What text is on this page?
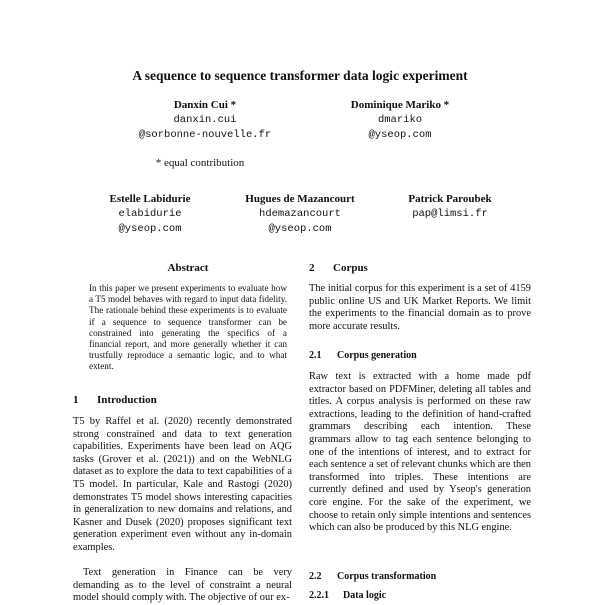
A sequence to sequence transformer data logic experiment
Danxin Cui *
danxin.cui
@sorbonne-nouvelle.fr
Dominique Mariko *
dmariko
@yseop.com
* equal contribution
Estelle Labidurie
elabidurie
@yseop.com
Hugues de Mazancourt
hdemazancourt
@yseop.com
Patrick Paroubek
pap@limsi.fr
Abstract
In this paper we present experiments to evaluate how a T5 model behaves with regard to input data fidelity. The rationale behind these experiments is to evaluate if a sequence to sequence transformer can be constrained into generating the specifics of a financial report, and more generally whether it can trustfully reproduce a semantic logic, and to what extent.
1 Introduction
T5 by Raffel et al. (2020) recently demonstrated strong constrained and data to text generation capabilities. Experiments have been lead on AQG tasks (Grover et al. (2021)) and on the WebNLG dataset as to explore the data to text capabilities of a T5 model. In particular, Kale and Rastogi (2020) demonstrates T5 model shows interesting capacities in generalization to new domains and relations, and Kasner and Dusek (2020) proposes significant text generation experiment even without any in-domain examples.
Text generation in Finance can be very demanding as to the level of constraint a neural model should comply with. The objective of our ex-
2 Corpus
The initial corpus for this experiment is a set of 4159 public online US and UK Market Reports. We limit the experiments to the financial domain as to prove more accurate results.
2.1 Corpus generation
Raw text is extracted with a home made pdf extractor based on PDFMiner, deleting all tables and titles. A corpus analysis is performed on these raw extractions, leading to the definition of hand-crafted grammars describing each intention. These grammars allow to tag each sentence belonging to one of the intentions of interest, and to extract for each sentence a set of relevant chunks which are then transformed into triples. These intentions are currently defined and used by Yseop's generation core engine. For the sake of the experiment, we choose to retain only simple intentions and sentences which can also be produced by this NLG engine.
2.2 Corpus transformation
2.2.1 Data logic
